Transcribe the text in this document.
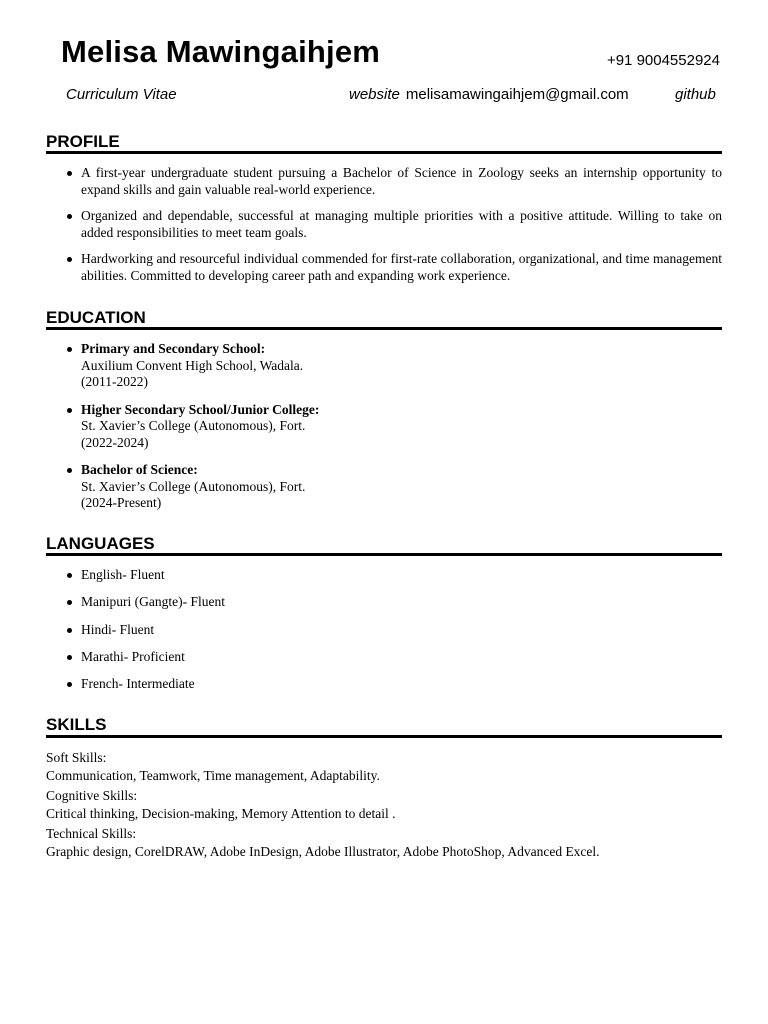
Melisa Mawingaihjem	+91 9004552924
Curriculum Vitae	website melisamawingaihjem@gmail.com	github
PROFILE
A first-year undergraduate student pursuing a Bachelor of Science in Zoology seeks an internship opportunity to expand skills and gain valuable real-world experience.
Organized and dependable, successful at managing multiple priorities with a positive attitude. Willing to take on added responsibilities to meet team goals.
Hardworking and resourceful individual commended for first-rate collaboration, organizational, and time management abilities. Committed to developing career path and expanding work experience.
EDUCATION
Primary and Secondary School:
Auxilium Convent High School, Wadala.
(2011-2022)
Higher Secondary School/Junior College:
St. Xavier’s College (Autonomous), Fort.
(2022-2024)
Bachelor of Science:
St. Xavier’s College (Autonomous), Fort.
(2024-Present)
LANGUAGES
English- Fluent
Manipuri (Gangte)- Fluent
Hindi- Fluent
Marathi- Proficient
French- Intermediate
SKILLS
Soft Skills:
Communication, Teamwork, Time management, Adaptability.
Cognitive Skills:
Critical thinking, Decision-making, Memory Attention to detail .
Technical Skills:
Graphic design, CorelDRAW, Adobe InDesign, Adobe Illustrator, Adobe PhotoShop, Advanced Excel.
